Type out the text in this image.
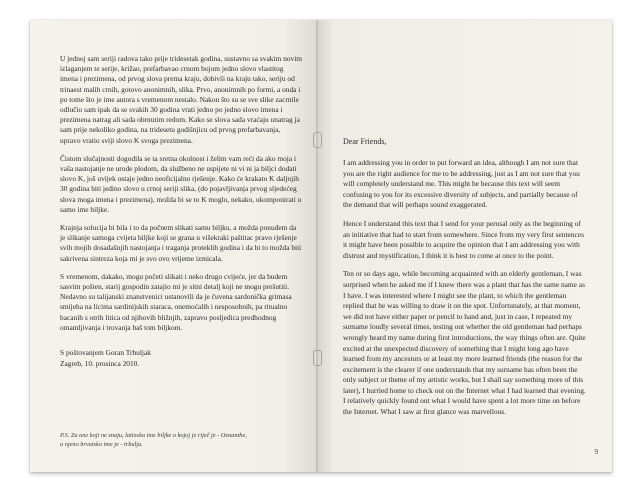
U jednoj sam seriji radova tako prije tridesetak godina, sustavno sa svakim novim izlaganjem te serije, križao, prefarbavao crnom bojom jedno slovo vlastitog imena i prezimena, od prvog slova prema kraju, dobivši na kraju tako, seriju od trinaest malih crnih, gotovo anonimnih, slika. Prvo, anonimnih po formi, a onda i po tome što je ime autora s vremenom nestalo. Nakon što su se sve slike zacrnile odlučio sam ipak da se svakih 30 godina vrati jedno po jedno slovo imena i prezimena natrag ali sada obrnutim redom. Kako se slova sada vraćaju unatrag ja sam prije nekoliko godina, na tridesetu godišnjicu od prvog prefarbavanja, upravo vratio sviji slovo K svoga prezimena.

Čistom slučajnosti dogodila se ta sretna okolnost i želim vam reći da ako moja i vaša nastojanje ne urode plodom, da službeno ne uspijete ni vi ni ja biljci dodati slovo K, još uvijek ostaje jedno neoficijalno rješenje. Kako će krakato K daljnjih 30 godina biti jedino slovo u crnoj seriji slika, (do pojavljivanja prvog sljedećeg slova moga imena i prezimena), možda bi se to K moglo, nekako, ukomponirati u samo ime biljke.

Krajnja solucija bi bila i to da počnem slikati samu biljku, a možda ponuđem da je slikanje samoga cvijeta biljke koji se grana u višekraki paštitac pravo rješenje svih mojih dosadašnjih nastojanja i traganja proteklih godina i da bi to možda biti sakrivena sintreza koja mi je svo ovo vrijeme izmicala.

S vremenom, dakako, mogu početi slikati i neko drugo cvijeće, jer da budem sasvim pošten, starij gospodin zatajio mi je sitni detalj koji ne mogu prešutiti. Nedavno su talijanski znanstvenici ustanovili da je čuvena sardonička grimasa smijeha na licima sardinijskih staraca, onemoćalih i nesposobnih, pa ritualno bacanih s otrih litica od njihovih bližnjih, zapravo posljedica predhodnog omamljivanja i trovanja baš tom biljkom.

S poštovanjem Goran Trbuljak
Zagreb, 10. prosinca 2010.
P.S. Za one koji ne znaju, latinsko ime biljke o kojoj je riječ je - Oenanthe,
a njeno hrvatsko ime je - trbulja.
Dear Friends,

I am addressing you in order to put forward an idea, although I am not sure that you are the right audience for me to be addressing, just as I am not sure that you will completely understand me. This might be because this text will seem confusing to you for its excessive diversity of subjects, and partially because of the demand that will perhaps sound exaggerated.

Hence I understand this text that I send for your perusal only as the beginning of an initiative that had to start from somewhere. Since from my very first sentences it might have been possible to acquire the opinion that I am addressing you with distrust and mystification, I think it is best to come at once to the point.

Ten or so days ago, while becoming acquainted with an elderly gentleman, I was surprised when he asked me if I knew there was a plant that has the same name as I have. I was interested where I might see the plant, to which the gentleman replied that he was willing to draw it on the spot. Unfortunately, at that moment, we did not have either paper or pencil to hand and, just in case, I repeated my surname loudly several times, testing out whether the old gentleman had perhaps wrongly heard my name during first introductions, the way things often are. Quite excited at the unexpected discovery of something that I might long ago have learned from my ancestors or at least my more learned friends (the reason for the excitement is the clearer if one understands that my surname has often been the only subject or theme of my artistic works, but I shall say something more of this later), I hurried home to check out on the Internet what I had learned that evening. I relatively quickly found out what I would have spent a lot more time on before the Internet. What I saw at first glance was marvellous.

9
